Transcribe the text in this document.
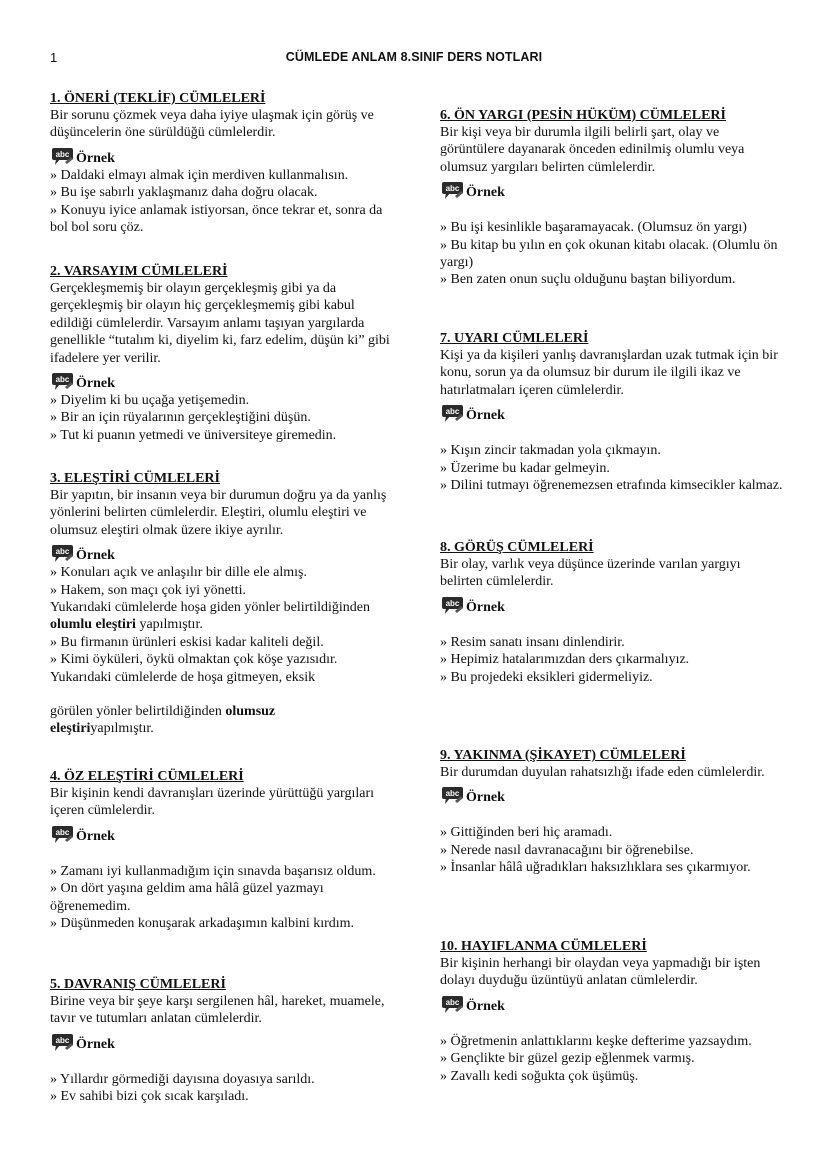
1	CÜMLEDE ANLAM 8.SINIF DERS NOTLARI
1. ÖNERİ (TEKLİF) CÜMLELERİ
Bir sorunu çözmek veya daha iyiye ulaşmak için görüş ve düşüncelerin öne sürüldüğü cümlelerdir.
abc Örnek
» Daldaki elmayı almak için merdiven kullanmalısın.
» Bu işe sabırlı yaklaşmanız daha doğru olacak.
» Konuyu iyice anlamak istiyorsan, önce tekrar et, sonra da bol bol soru çöz.
2. VARSAYIM CÜMLELERİ
Gerçekleşmemiş bir olayın gerçekleşmiş gibi ya da gerçekleşmiş bir olayın hiç gerçekleşmemiş gibi kabul edildiği cümlelerdir. Varsayım anlamı taşıyan yargılarda genellikle “tutalım ki, diyelim ki, farz edelim, düşün ki” gibi ifadelere yer verilir.
abc Örnek
» Diyelim ki bu uçağa yetişemedin.
» Bir an için rüyalarının gerçekleştiğini düşün.
» Tut ki puanın yetmedi ve üniversiteye giremedin.
3. ELEŞTİRİ CÜMLELERİ
Bir yapıtın, bir insanın veya bir durumun doğru ya da yanlış yönlerini belirten cümlelerdir. Eleştiri, olumlu eleştiri ve olumsuz eleştiri olmak üzere ikiye ayrılır.
abc Örnek
» Konuları açık ve anlaşılır bir dille ele almış.
» Hakem, son maçı çok iyi yönetti.
Yukarıdaki cümlelerde hoşa giden yönler belirtildiğinden olumlu eleştiri yapılmıştır.
» Bu firmanın ürünleri eskisi kadar kaliteli değil.
» Kimi öyküleri, öykü olmaktan çok köşe yazısıdır.
Yukarıdaki cümlelerde de hoşa gitmeyen, eksik
görülen yönler belirtildiğinden olumsuz
eleştiriyapılmıştır.
4. ÖZ ELEŞTİRİ CÜMLELERİ
Bir kişinin kendi davranışları üzerinde yürüttüğü yargıları içeren cümlelerdir.
abc Örnek
» Zamanı iyi kullanmadığım için sınavda başarısız oldum.
» On dört yaşına geldim ama hâlâ güzel yazmayı öğrenemedim.
» Düşünmeden konuşarak arkadaşımın kalbini kırdım.
5. DAVRANIŞ CÜMLELERİ
Birine veya bir şeye karşı sergilenen hâl, hareket, muamele, tavır ve tutumları anlatan cümlelerdir.
abc Örnek
» Yıllardır görmediği dayısına doyasıya sarıldı.
» Ev sahibi bizi çok sıcak karşıladı.
6. ÖN YARGI (PESİN HÜKÜM) CÜMLELERİ
Bir kişi veya bir durumla ilgili belirli şart, olay ve görüntülere dayanarak önceden edinilmiş olumlu veya olumsuz yargıları belirten cümlelerdir.
abc Örnek
» Bu işi kesinlikle başaramayacak. (Olumsuz ön yargı)
» Bu kitap bu yılın en çok okunan kitabı olacak. (Olumlu ön yargı)
» Ben zaten onun suçlu olduğunu baştan biliyordum.
7. UYARI CÜMLELERİ
Kişi ya da kişileri yanlış davranışlardan uzak tutmak için bir konu, sorun ya da olumsuz bir durum ile ilgili ikaz ve hatırlatmaları içeren cümlelerdir.
abc Örnek
» Kışın zincir takmadan yola çıkmayın.
» Üzerime bu kadar gelmeyin.
» Dilini tutmayı öğrenemezsen etrafında kimsecikler kalmaz.
8. GÖRÜŞ CÜMLELERİ
Bir olay, varlık veya düşünce üzerinde varılan yargıyı belirten cümlelerdir.
abc Örnek
» Resim sanatı insanı dinlendirir.
» Hepimiz hatalarımızdan ders çıkarmalıyız.
» Bu projedeki eksikleri gidermeliyiz.
9. YAKINMA (ŞİKAYET) CÜMLELERİ
Bir durumdan duyulan rahatsızlığı ifade eden cümlelerdir.
abc Örnek
» Gittiğinden beri hiç aramadı.
» Nerede nasıl davranacağını bir öğrenebilse.
» İnsanlar hâlâ uğradıkları haksızlıklara ses çıkarmıyor.
10. HAYIFLANMA CÜMLELERİ
Bir kişinin herhangi bir olaydan veya yapmadığı bir işten dolayı duyduğu üzüntüyü anlatan cümlelerdir.
abc Örnek
» Öğretmenin anlattıklarını keşke defterime yazsaydım.
» Gençlikte bir güzel gezip eğlenmek varmış.
» Zavallı kedi soğukta çok üşümüş.
